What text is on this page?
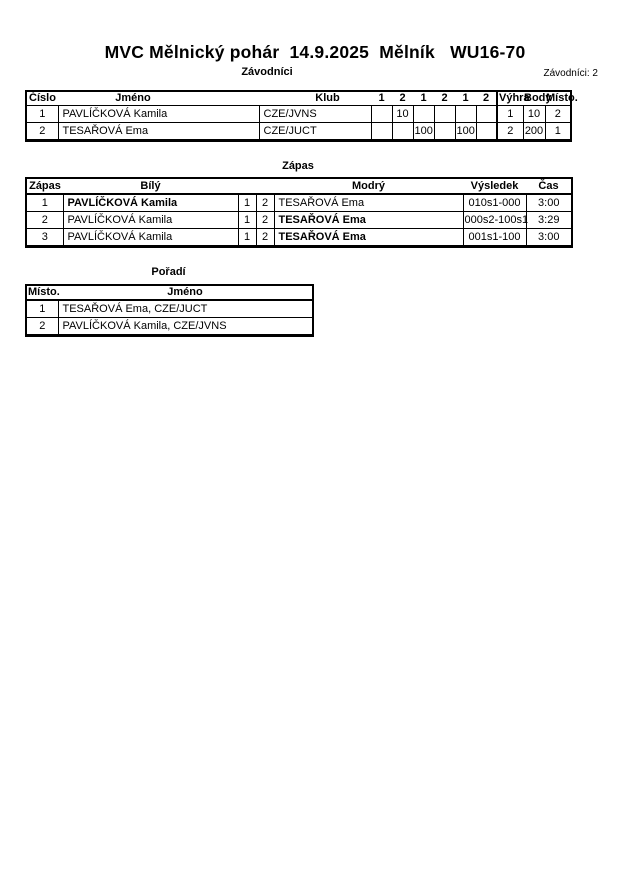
MVC Mělnický pohár  14.9.2025  Mělník   WU16-70
Závodníci	Závodníci: 2
Číslo	Jméno	Klub	1	2	1	2	1	2	Výhra	Body	Místo.
1	PAVLÍČKOVÁ Kamila	CZE/JVNS		10					1	10	2
2	TESAŘOVÁ Ema	CZE/JUCT			100		100		2	200	1
Zápas
Zápas	Bílý			Modrý	Výsledek	Čas
1	PAVLÍČKOVÁ Kamila	1	2	TESAŘOVÁ Ema	010s1-000	3:00
2	PAVLÍČKOVÁ Kamila	1	2	TESAŘOVÁ Ema	000s2-100s1	3:29
3	PAVLÍČKOVÁ Kamila	1	2	TESAŘOVÁ Ema	001s1-100	3:00
Pořadí
Místo.	Jméno
1	TESAŘOVÁ Ema, CZE/JUCT
2	PAVLÍČKOVÁ Kamila, CZE/JVNS
